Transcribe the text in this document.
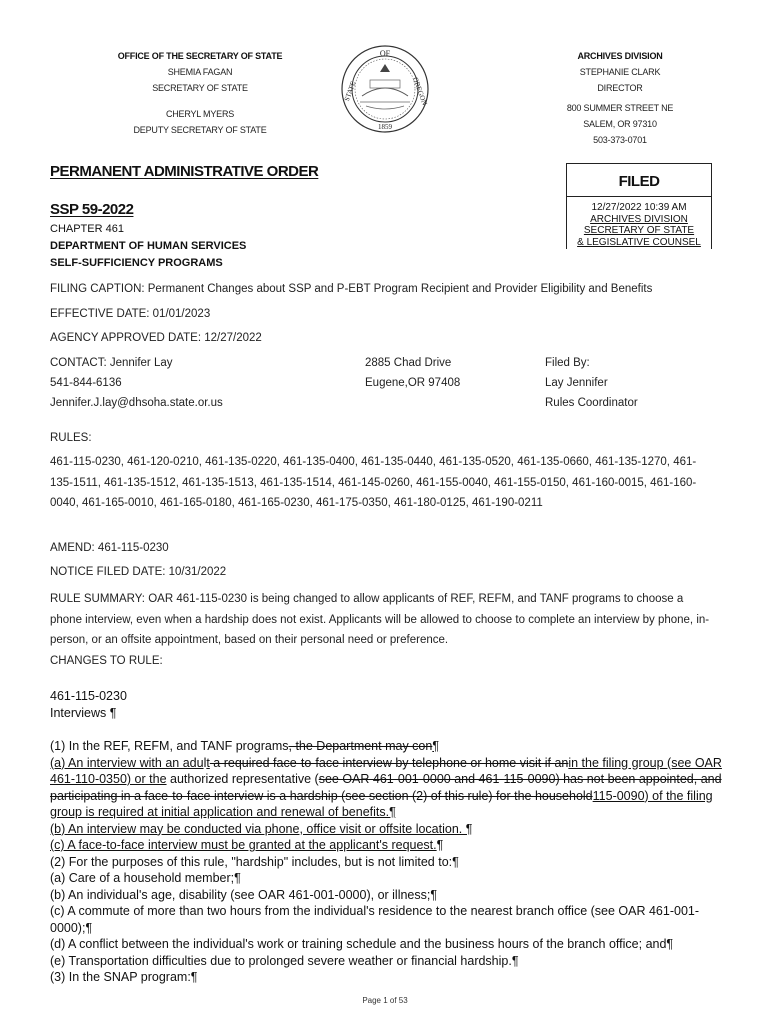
OFFICE OF THE SECRETARY OF STATE
SHEMIA FAGAN
SECRETARY OF STATE
CHERYL MYERS
DEPUTY SECRETARY OF STATE
OF
STATE	OREGON
1859
ARCHIVES DIVISION
STEPHANIE CLARK
DIRECTOR
800 SUMMER STREET NE
SALEM, OR 97310
503-373-0701
PERMANENT ADMINISTRATIVE ORDER
SSP 59-2022
CHAPTER 461
DEPARTMENT OF HUMAN SERVICES
SELF-SUFFICIENCY PROGRAMS
FILED
12/27/2022 10:39 AM
ARCHIVES DIVISION
SECRETARY OF STATE
& LEGISLATIVE COUNSEL
FILING CAPTION: Permanent Changes about SSP and P-EBT Program Recipient and Provider Eligibility and Benefits
EFFECTIVE DATE: 01/01/2023
AGENCY APPROVED DATE: 12/27/2022
CONTACT: Jennifer Lay
541-844-6136
Jennifer.J.lay@dhsoha.state.or.us
2885 Chad Drive
Eugene,OR 97408
Filed By:
Lay Jennifer
Rules Coordinator
RULES:
461-115-0230, 461-120-0210, 461-135-0220, 461-135-0400, 461-135-0440, 461-135-0520, 461-135-0660, 461-135-1270, 461-135-1511, 461-135-1512, 461-135-1513, 461-135-1514, 461-145-0260, 461-155-0040, 461-155-0150, 461-160-0015, 461-160-0040, 461-165-0010, 461-165-0180, 461-165-0230, 461-175-0350, 461-180-0125, 461-190-0211
AMEND: 461-115-0230
NOTICE FILED DATE: 10/31/2022
RULE SUMMARY: OAR 461-115-0230 is being changed to allow applicants of REF, REFM, and TANF programs to choose a phone interview, even when a hardship does not exist. Applicants will be allowed to choose to complete an interview by phone, in-person, or an offsite appointment, based on their personal need or preference.
CHANGES TO RULE:
461-115-0230
Interviews ¶

(1) In the REF, REFM, and TANF programs, the Department may con¶

(a) An interview with an adult a required face-to-face interview by telephone or home visit if anin the filing group (see OAR 461-110-0350) or the authorized representative (see OAR 461-001-0000 and 461-115-0090) has not been appointed, and participating in a face-to-face interview is a hardship (see section (2) of this rule) for the household115-0090) of the filing group is required at initial application and renewal of benefits.¶

(b) An interview may be conducted via phone, office visit or offsite location. ¶

(c) A face-to-face interview must be granted at the applicant's request.¶

(2) For the purposes of this rule, "hardship" includes, but is not limited to:¶

(a) Care of a household member;¶

(b) An individual's age, disability (see OAR 461-001-0000), or illness;¶

(c) A commute of more than two hours from the individual's residence to the nearest branch office (see OAR 461-001-0000);¶

(d) A conflict between the individual's work or training schedule and the business hours of the branch office; and¶

(e) Transportation difficulties due to prolonged severe weather or financial hardship.¶

(3) In the SNAP program:¶

Page 1 of 53
